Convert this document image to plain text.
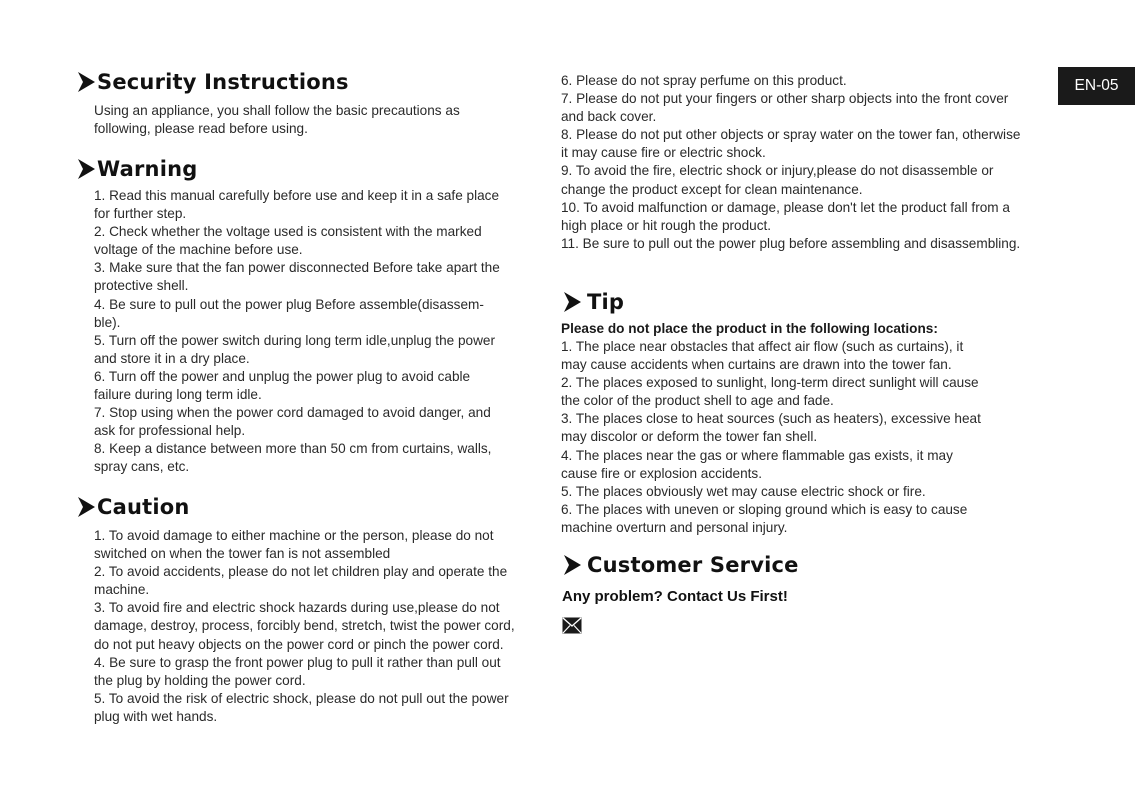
Security Instructions

Using an appliance, you shall follow the basic precautions as

following, please read before using.

Warning

1. Read this manual carefully before use and keep it in a safe place

for further step.

2. Check whether the voltage used is consistent with the marked

voltage of the machine before use.

3. Make sure that the fan power disconnected Before take apart the

protective shell.

4. Be sure to pull out the power plug Before assemble(disassem-

ble).

5. Turn off the power switch during long term idle,unplug the power

and store it in a dry place.

6. Turn off the power and unplug the power plug to avoid cable

failure during long term idle.

7. Stop using when the power cord damaged to avoid danger, and

ask for professional help.

8. Keep a distance between more than 50 cm from curtains, walls,

spray cans, etc.

Caution

1. To avoid damage to either machine or the person, please do not

switched on when the tower fan is not assembled

2. To avoid accidents, please do not let children play and operate the

machine.

3. To avoid fire and electric shock hazards during use,please do not

damage, destroy, process, forcibly bend, stretch, twist the power cord,

do not put heavy objects on the power cord or pinch the power cord.

4. Be sure to grasp the front power plug to pull it rather than pull out

the plug by holding the power cord.

5. To avoid the risk of electric shock, please do not pull out the power

plug with wet hands.

6. Please do not spray perfume on this product.

7. Please do not put your fingers or other sharp objects into the front cover

and back cover.

8. Please do not put other objects or spray water on the tower fan, otherwise

it may cause fire or electric shock.

9. To avoid the fire, electric shock or injury,please do not disassemble or

change the product except for clean maintenance.

10. To avoid malfunction or damage, please don't let the product fall from a

high place or hit rough the product.

11. Be sure to pull out the power plug before assembling and disassembling.

Tip
Please do not place the product in the following locations:

1. The place near obstacles that affect air flow (such as curtains), it

may cause accidents when curtains are drawn into the tower fan.

2. The places exposed to sunlight, long-term direct sunlight will cause

the color of the product shell to age and fade.

3. The places close to heat sources (such as heaters), excessive heat

may discolor or deform the tower fan shell.

4. The places near the gas or where flammable gas exists, it may

cause fire or explosion accidents.

5. The places obviously wet may cause electric shock or fire.

6. The places with uneven or sloping ground which is easy to cause

machine overturn and personal injury.

Customer Service
Any problem? Contact Us First!
EN-05
